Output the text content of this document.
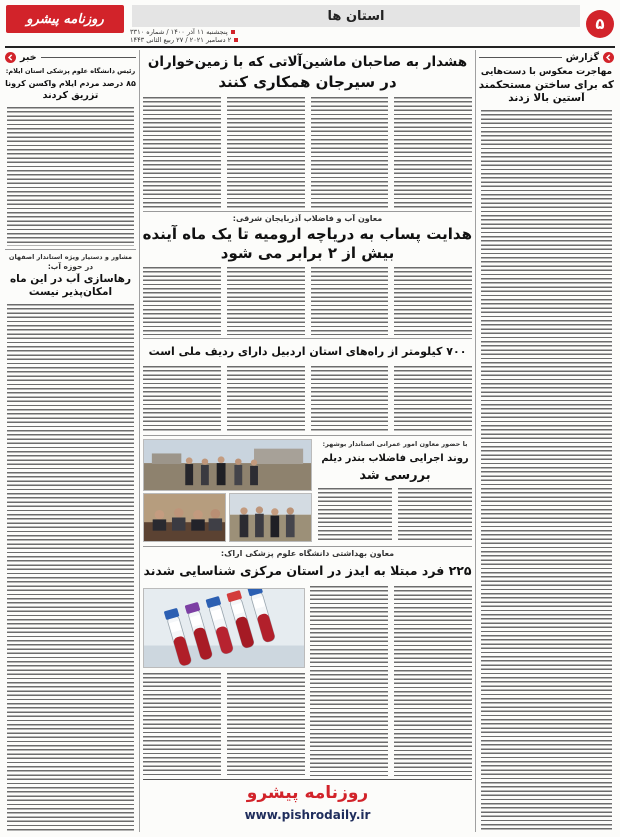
روزنامه پیشرو	استان ها	۵
پنجشنبه ۱۱ آذر ۱۴۰۰ / شماره ۳۳۱۰
۲ دسامبر ۲۰۲۱ / ۲۷ ربیع الثانی ۱۴۴۳
گزارش
مهاجرت معکوس با دست‌هایی
که برای ساختن مستحکمند
آستین بالا زدند
خبر
رئیس دانشگاه علوم پزشکی استان ایلام:
۸۵ درصد مردم ایلام واکسن کرونا
تزریق کردند
مشاور و دستیار ویژه استاندار اصفهان
در حوزه آب:
رهاسازی آب در این ماه
امکان‌پذیر نیست
هشدار به صاحبان ماشین‌آلاتی که با زمین‌خواران
در سیرجان همکاری کنند
معاون آب و فاضلاب آذربایجان شرقی:
هدایت پساب به دریاچه ارومیه تا یک ماه آینده
بیش از ۲ برابر می شود
۷۰۰ کیلومتر از راه‌های استان اردبیل دارای ردیف ملی است
با حضور معاون امور عمرانی استاندار بوشهر:
روند اجرایی فاضلاب بندر دیلم
بررسی شد
معاون بهداشتی دانشگاه علوم پزشکی اراک:
۲۲۵ فرد مبتلا به ایدز در استان مرکزی شناسایی شدند
روزنامه پیشرو
www.pishrodaily.ir
